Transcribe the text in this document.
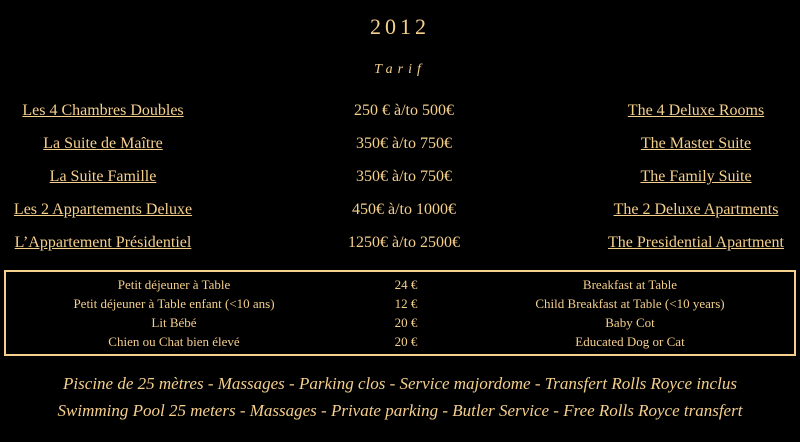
2012
Tarif
Les 4 Chambres Doubles	250 € à/to 500€	The 4 Deluxe Rooms
La Suite de Maître	350€ à/to 750€	The Master Suite
La Suite Famille	350€ à/to 750€	The Family Suite
Les 2 Appartements Deluxe	450€ à/to 1000€	The 2 Deluxe Apartments
L’Appartement Présidentiel	1250€ à/to 2500€	The Presidential Apartment
Petit déjeuner à Table	24 €	Breakfast at Table
Petit déjeuner à Table enfant (<10 ans)	12 €	Child Breakfast at Table (<10 years)
Lit Bébé	20 €	Baby Cot
Chien ou Chat bien élevé	20 €	Educated Dog or Cat
Piscine de 25 mètres - Massages - Parking clos - Service majordome - Transfert Rolls Royce inclus
Swimming Pool 25 meters - Massages - Private parking - Butler Service - Free Rolls Royce transfert
